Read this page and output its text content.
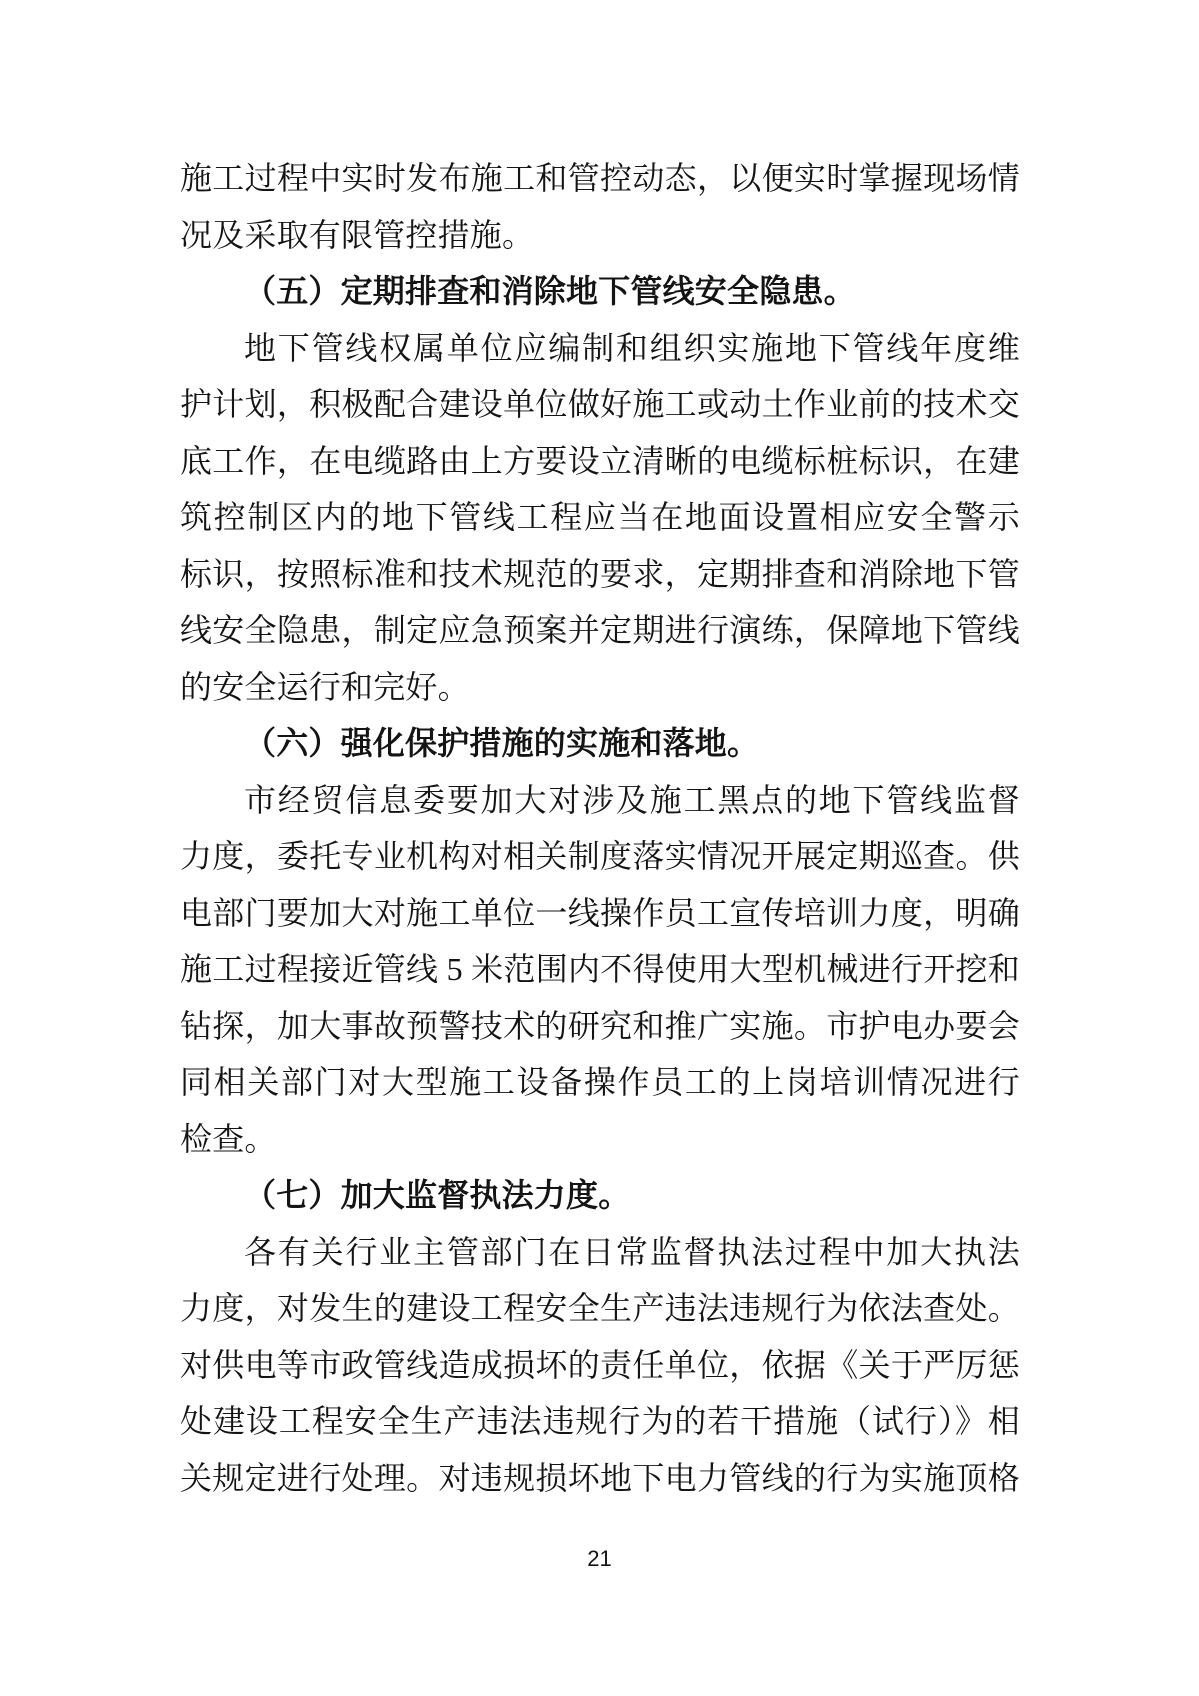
施工过程中实时发布施工和管控动态，以便实时掌握现场情
况及采取有限管控措施。
（五）定期排查和消除地下管线安全隐患。
地下管线权属单位应编制和组织实施地下管线年度维
护计划，积极配合建设单位做好施工或动土作业前的技术交
底工作，在电缆路由上方要设立清晰的电缆标桩标识，在建
筑控制区内的地下管线工程应当在地面设置相应安全警示
标识，按照标准和技术规范的要求，定期排查和消除地下管
线安全隐患，制定应急预案并定期进行演练，保障地下管线
的安全运行和完好。
（六）强化保护措施的实施和落地。
市经贸信息委要加大对涉及施工黑点的地下管线监督
力度，委托专业机构对相关制度落实情况开展定期巡查。供
电部门要加大对施工单位一线操作员工宣传培训力度，明确
施工过程接近管线 5 米范围内不得使用大型机械进行开挖和
钻探，加大事故预警技术的研究和推广实施。市护电办要会
同相关部门对大型施工设备操作员工的上岗培训情况进行
检查。
（七）加大监督执法力度。
各有关行业主管部门在日常监督执法过程中加大执法
力度，对发生的建设工程安全生产违法违规行为依法查处。
对供电等市政管线造成损坏的责任单位，依据《关于严厉惩
处建设工程安全生产违法违规行为的若干措施（试行）》相
关规定进行处理。对违规损坏地下电力管线的行为实施顶格
21
